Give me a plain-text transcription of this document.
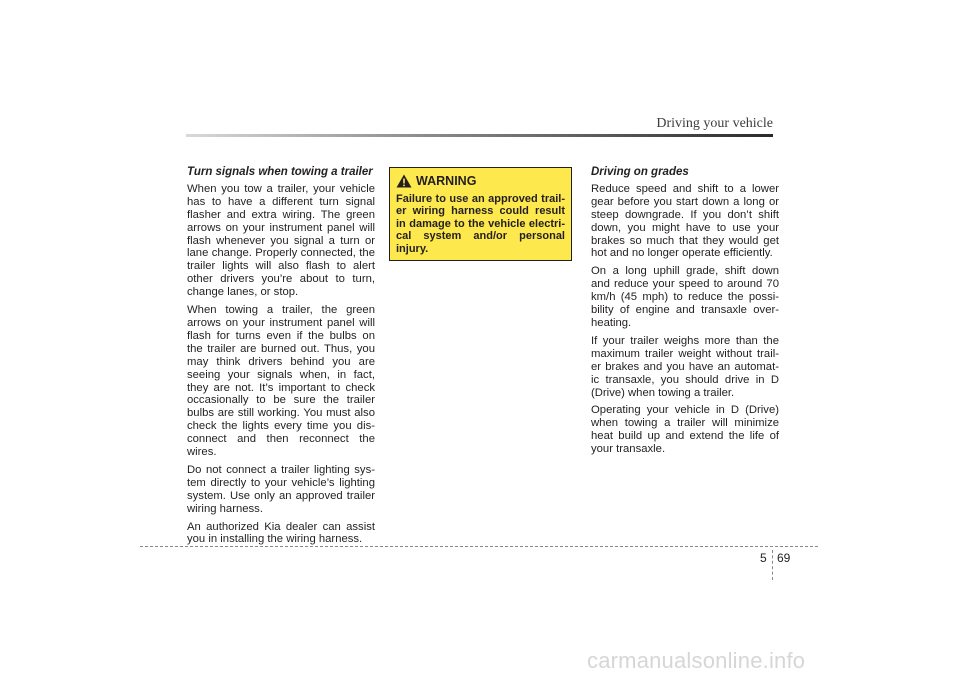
Driving your vehicle
Turn signals when towing a trailer

When you tow a trailer, your vehicle has to have a different turn signal flasher and extra wiring. The green arrows on your instrument panel will flash whenever you signal a turn or lane change. Properly connected, the trailer lights will also flash to alert other drivers you’re about to turn, change lanes, or stop.

When towing a trailer, the green arrows on your instrument panel will flash for turns even if the bulbs on the trailer are burned out. Thus, you may think drivers behind you are seeing your signals when, in fact, they are not. It’s important to check occasionally to be sure the trailer bulbs are still working. You must also check the lights every time you dis-connect and then reconnect the wires.

Do not connect a trailer lighting sys-tem directly to your vehicle’s lighting system. Use only an approved trailer wiring harness.

An authorized Kia dealer can assist you in installing the wiring harness.

WARNING
Failure to use an approved trail-er wiring harness could result in damage to the vehicle electri-cal system and/or personal injury.
Driving on grades

Reduce speed and shift to a lower gear before you start down a long or steep downgrade. If you don’t shift down, you might have to use your brakes so much that they would get hot and no longer operate efficiently.

On a long uphill grade, shift down and reduce your speed to around 70 km/h (45 mph) to reduce the possi-bility of engine and transaxle over-heating.

If your trailer weighs more than the maximum trailer weight without trail-er brakes and you have an automat-ic transaxle, you should drive in D (Drive) when towing a trailer.

Operating your vehicle in D (Drive) when towing a trailer will minimize heat build up and extend the life of your transaxle.

5 69
carmanualsonline.info
